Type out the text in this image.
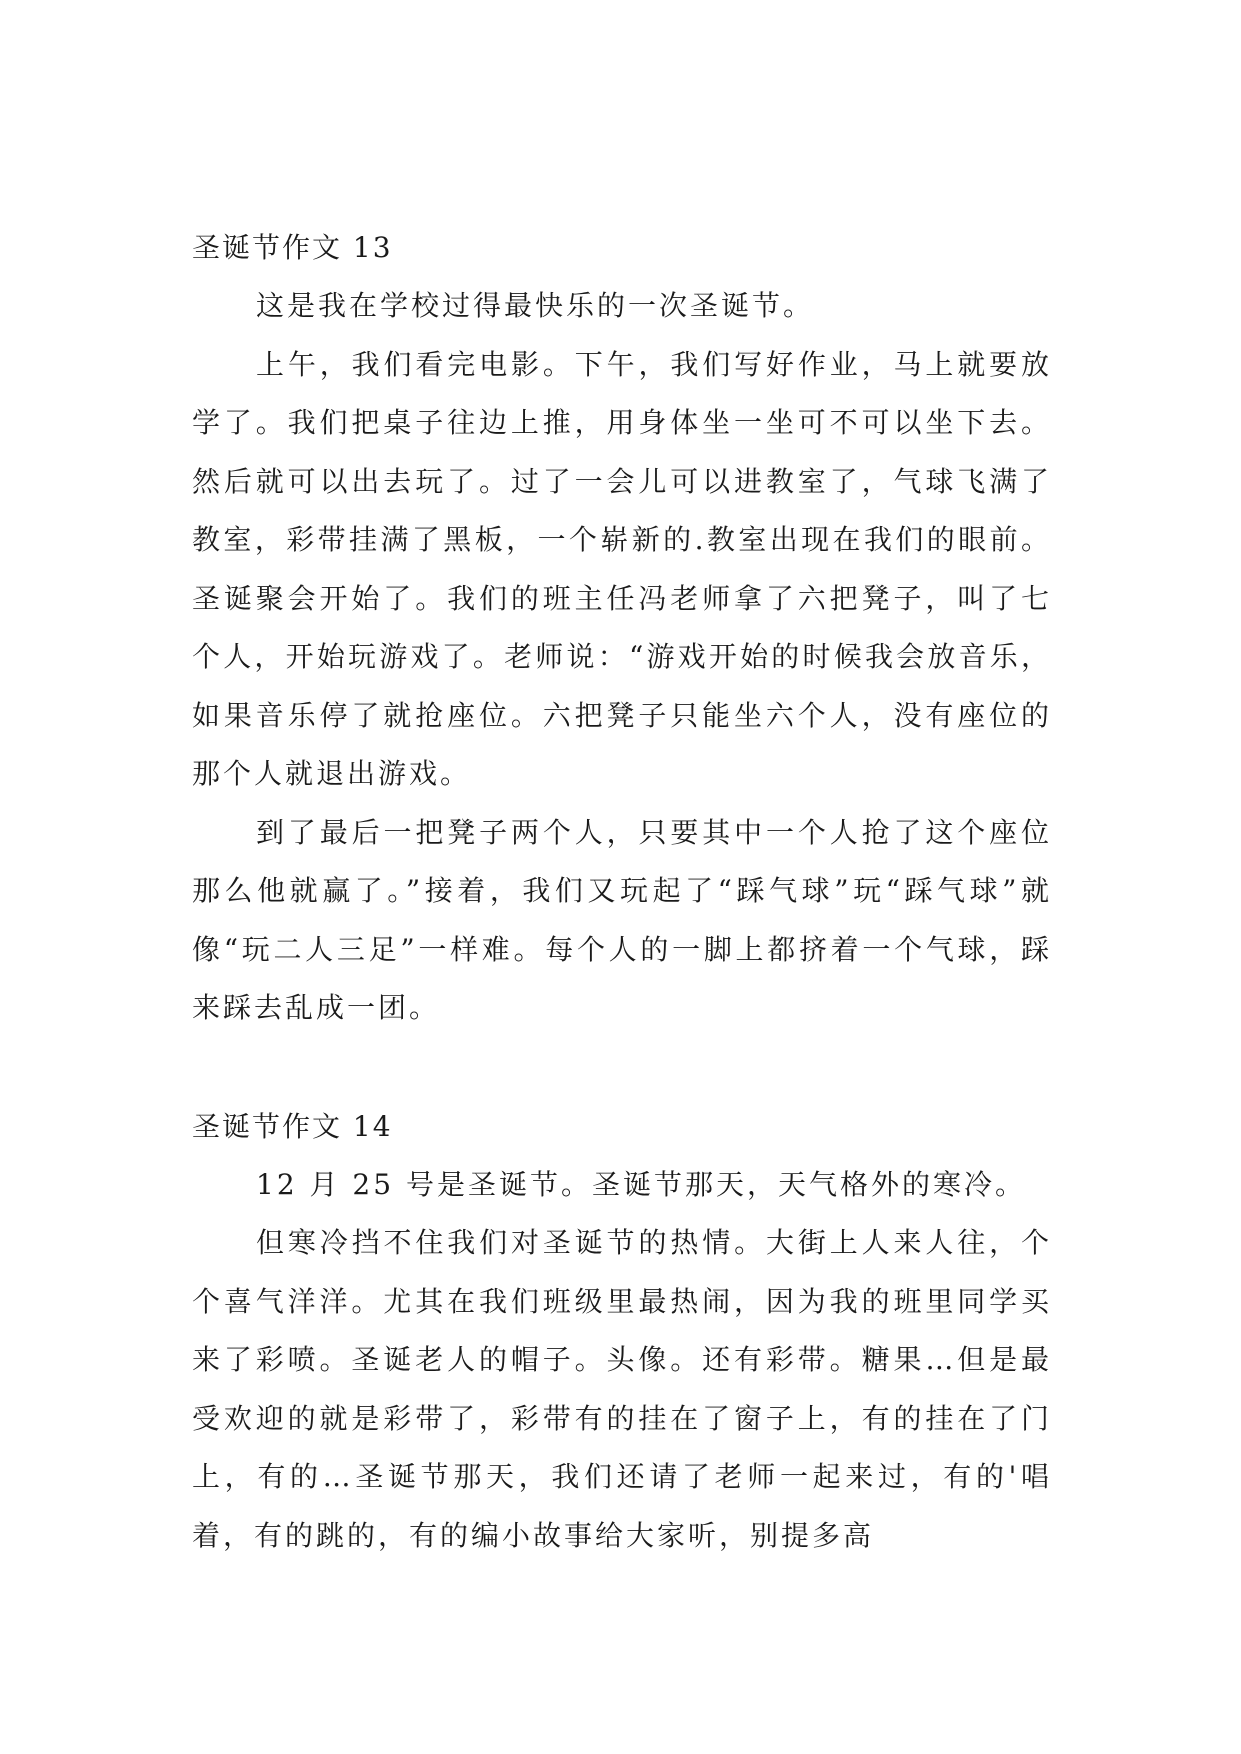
圣诞节作文 13

这是我在学校过得最快乐的一次圣诞节。

上午，我们看完电影。下午，我们写好作业，马上就要放学了。我们把桌子往边上推，用身体坐一坐可不可以坐下去。然后就可以出去玩了。过了一会儿可以进教室了，气球飞满了教室，彩带挂满了黑板，一个崭新的.教室出现在我们的眼前。圣诞聚会开始了。我们的班主任冯老师拿了六把凳子，叫了七个人，开始玩游戏了。老师说：“游戏开始的时候我会放音乐，如果音乐停了就抢座位。六把凳子只能坐六个人，没有座位的那个人就退出游戏。

到了最后一把凳子两个人，只要其中一个人抢了这个座位那么他就赢了。”接着，我们又玩起了“踩气球”玩“踩气球”就像“玩二人三足”一样难。每个人的一脚上都挤着一个气球，踩来踩去乱成一团。

圣诞节作文 14

12 月 25 号是圣诞节。圣诞节那天，天气格外的寒冷。

但寒冷挡不住我们对圣诞节的热情。大街上人来人往，个个喜气洋洋。尤其在我们班级里最热闹，因为我的班里同学买来了彩喷。圣诞老人的帽子。头像。还有彩带。糖果…但是最受欢迎的就是彩带了，彩带有的挂在了窗子上，有的挂在了门上，有的…圣诞节那天，我们还请了老师一起来过，有的'唱着，有的跳的，有的编小故事给大家听，别提多高
